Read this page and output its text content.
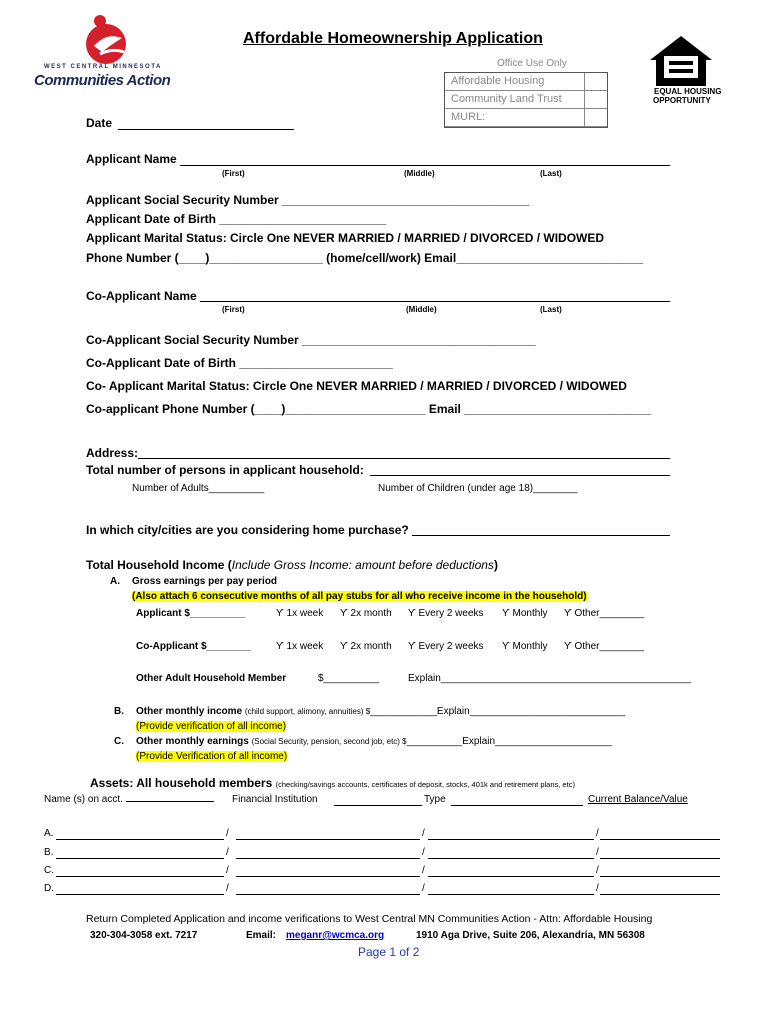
WEST CENTRAL MINNESOTA
Communities Action
EQUAL HOUSING
OPPORTUNITY
Affordable Homeownership Application
Office Use Only
Affordable Housing
Community Land Trust
MURL:
Date
Applicant Name
(First)	(Middle)	(Last)
Applicant Social Security Number _____________________________________
Applicant Date of Birth _________________________
Applicant Marital Status: Circle One NEVER MARRIED / MARRIED / DIVORCED / WIDOWED
Phone Number (____)_________________ (home/cell/work) Email____________________________
Co-Applicant Name
(First)	(Middle)	(Last)
Co-Applicant Social Security Number ___________________________________
Co-Applicant Date of Birth _______________________
Co- Applicant Marital Status: Circle One NEVER MARRIED / MARRIED / DIVORCED / WIDOWED
Co-applicant Phone Number (____)_____________________ Email ____________________________
Address:
Total number of persons in applicant household:
Number of Adults__________	Number of Children (under age 18)________
In which city/cities are you considering home purchase?
Total Household Income (Include Gross Income: amount before deductions)
A. Gross earnings per pay period
(Also attach 6 consecutive months of all pay stubs for all who receive income in the household)
Applicant $__________	ϒ 1x week ϒ 2x month ϒ Every 2 weeks ϒ Monthly ϒ Other________
Co-Applicant $________ ϒ 1x week ϒ 2x month ϒ Every 2 weeks ϒ Monthly ϒ Other________
Other Adult Household Member	$__________	Explain_____________________________________________
B. Other monthly income (child support, alimony, annuities) $____________Explain____________________________
(Provide verification of all income)
C. Other monthly earnings (Social Security, pension, second job, etc) $__________Explain_____________________
(Provide Verification of all income)
Assets: All household members (checking/savings accounts, certificates of deposit, stocks, 401k and retirement plans, etc)
Name (s) on acct.	Financial Institution	Type	Current Balance/Value
A.	/	/	/
B.	/	/	/
C.	/	/	/
D.	/	/	/
Return Completed Application and income verifications to West Central MN Communities Action - Attn: Affordable Housing
320-304-3058 ext. 7217	Email: meganr@wcmca.org	1910 Aga Drive, Suite 206, Alexandria, MN 56308
Page 1 of 2
